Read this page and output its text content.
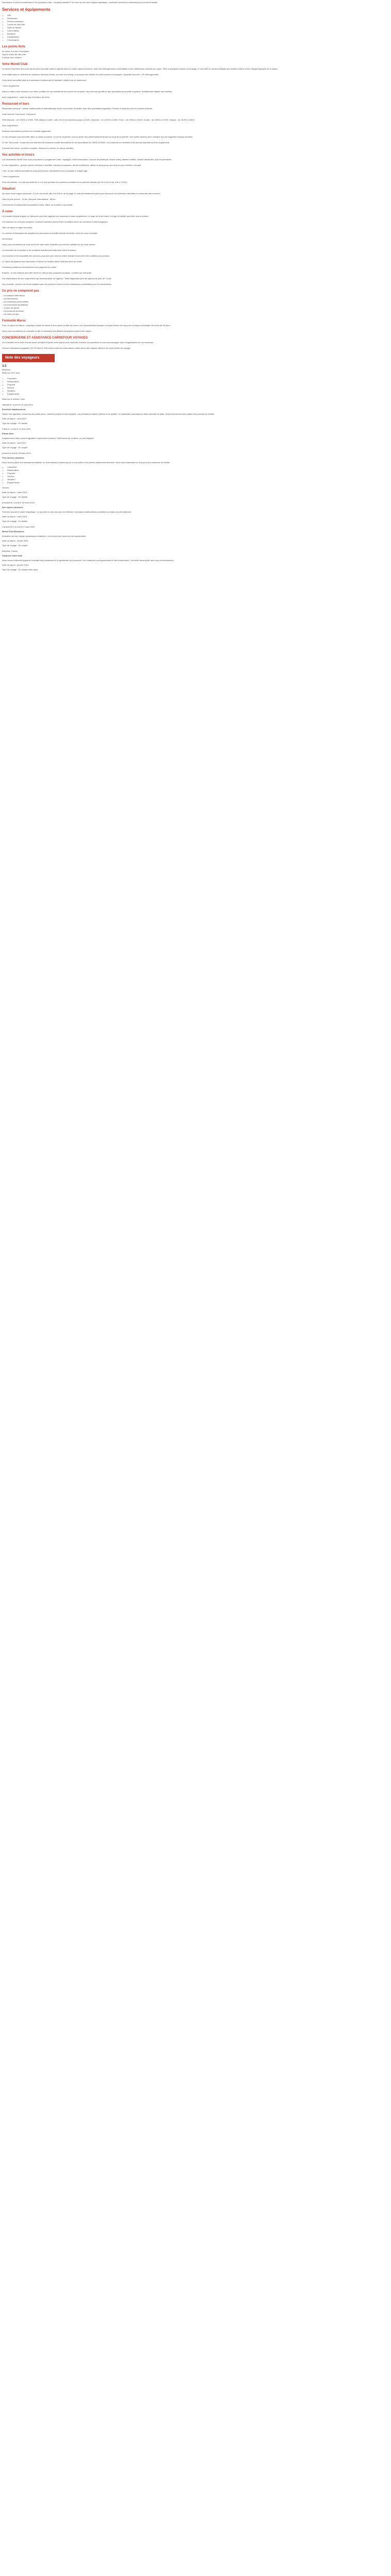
Description à venir prochainement ! En quelques mots : Camping familial 3* en bord de mer avec espace aquatique, nombreux services et animations pour toute la famille.

Services et équipements
• Wifi
• Restaurant
• Piscine extérieure
• Centre de bien-être
• Salle de fitness
• Club enfants
• Boutique
• Climatisation
• Conciergerie
Les points forts

Au cœur d'un lieu d'exception

Spa et centre de bien-être

Formule tout compris

Votre Mondi Club

Le Mondi Club Nord-Est a été pensé pour accueillir petits et grands dans un cadre naturel préservé, avec des hébergements confortables et de nombreuses activités sur place. Situé à quelques minutes de la plage, le club offre un accès privilégié aux sentiers côtiers et aux villages typiques de la région.

Il est établi dans un domaine de plusieurs hectares boisés, au bord d'un étang, et propose des chalets et mobil-homes tout équipés. Capacité d'accueil : 120 hébergements.

Vous serez accueillis dans une ambiance chaleureuse et familiale, idéale pour se ressourcer.

* Avec supplément

Dans le cadre d'une semaine à la vidéo, profitez de nos animations en journée et en soirée, des tournois sportifs et des spectacles pour petits et grands. Parfaitement adapté aux familles.

Avec supplément : soins au spa et location de vélos.

Restaurant et bars

Restaurant principal : cuisine traditionnelle et internationale servie sous forme de buffet, avec des spécialités régionales. Pensez à réserver pour les soirées à thème.

Votre formule "tout inclus" comprend :

Petit déjeuner : de 07h00 à 10h00. Petit déjeuner tardif : café, thé et viennoiseries jusqu'à 11h00. Déjeuner : de 12h30 à 14h00. Dîner : de 19h00 à 21h30. Goûter : de 16h00 à 17h00. Snacks : de 11h00 à 18h00.

Avec supplément :

Boissons alcoolisées premium et cocktails signatures.

Le bar principal vous accueille dans un cadre convivial. Le bar de la piscine vous propose des rafraîchissements tout au long de la journée. Une soirée animée avec musique live est organisée chaque semaine.

Le bar "tout inclus" comprend une sélection de boissons locales alcoolisées et non alcoolisées de 10h00 à 23h00. Les boissons en bouteille et les alcools importés sont en supplément.

Formule tout inclus : pension complète, boissons à volonté, en-cas et activités.

Vos activités et loisirs

Les animateurs Mondi Club vous proposent un programme varié : aquagym, réveil musculaire, tournois de pétanque, beach-volley, ateliers créatifs, soirées dansantes, quiz et spectacles.

À votre disposition : grande piscine extérieure chauffée, transats et parasols, terrain multisports, tables de ping-pong, aire de jeux pour enfants, mini-golf.

L'été, le club enfants accueille les plus jeunes avec des ateliers et jeux adaptés à chaque âge.

* Avec supplément

Pour les enfants : un club accueille les 4 à 12 ans pendant les vacances scolaires et en période estivale (de 9h à 12h et de 14h à 17h30).

Situation

Au cœur d'une région préservée, à 2 km du centre-ville et à 500 m de la plage, le club est idéalement placé pour découvrir les richesses naturelles et culturelles des environs.

Gare la plus proche : 15 km. Aéroport international : 65 km.

Commerces et restaurants accessibles à pied. Office de tourisme à proximité.

À noter

Un transfert depuis la gare ou l'aéroport peut être organisé sur demande et avec supplément. Le linge de lit est fourni, le linge de toilette peut être loué sur place.

Les animaux ne sont pas acceptés. Certaines activités peuvent être modifiées selon les conditions météorologiques.

Taxe de séjour à régler sur place.

Le nombre d'hébergements adaptés aux personnes à mobilité réduite est limité, merci de nous consulter.

Information

Nous vous conseillons de vous munir de votre carte d'identité en cours de validité lors de votre arrivée.

La fermeture de la piscine et de certaines activités peut intervenir selon la saison.

Les horaires et les modalités des services proposés sont donnés à titre indicatif et peuvent être modifiés sans préavis.

Le dépôt de garantie sera demandé à l'arrivée et restitué après l'état des lieux de sortie.

Certaines prestations mentionnées sont payantes sur place.

Enfants : le club enfants peut être fermé en dehors des vacances scolaires. Lit bébé sur demande.

Les réservations se font uniquement par l'intermédiaire de l'agence. Tarifs dégressifs pour les séjours de plus de 7 nuits.

Nos conseils : prévoir une tenue adaptée pour les soirées à thème et des chaussures confortables pour les randonnées.

Ce prix ne comprend pas

- Le transport aller/retour

- Les assurances

- Les dépenses personnelles

- Les excursions facultatives

- La taxe de séjour

- Les boissons premium

- Les soins au spa

Formalité Maroc

Pour un séjour au Maroc : passeport valide au moins 6 mois après la date de retour. Les ressortissants français n'ont pas besoin de visa pour un séjour touristique de moins de 90 jours.

Nous vous conseillons de consulter le site du ministère des Affaires étrangères avant votre départ.

CONCIERGERIE ET ASSISTANCE CARREFOUR VOYAGES

Un conseiller est à votre écoute avant, pendant et après votre séjour pour répondre à toutes vos questions et vous accompagner dans l'organisation de vos vacances.

Service d'assistance joignable 7j/7 et 24h/24. Retrouvez toutes les informations utiles dans votre espace client et sur votre carnet de voyage.

Note des voyageurs

3.5

Moyenne

Basé sur 1147 avis

• Chambres
• Restauration
• Propreté
• Service
• Situation
• Équipements

Basé sur 6 critères / avis

Nathalie B. a écrit le 20 avril 2024

Excellent établissement

Séjour très agréable, personnel aux petits soins, chambre propre et bien équipée. Les animations étaient variées et de qualité. Le restaurant proposait une belle diversité de plats. Nous reviendrons avec plaisir l'an prochain en famille.

Date du séjour : avril 2024

Type de voyage : En famille

Fabio B. a écrit le 12 avril 2024

Points forts

Emplacement idéal, piscine agréable et personnel souriant. Petit bémol sur la literie, un peu fatiguée.

Date du séjour : avril 2024

Type de voyage : En couple

yonacm a écrit le 28 mars 2024

Très bonnes vacances

Nous avons passé une semaine formidable. Le club enfants a beaucoup plu à nos petits et les soirées étaient très animées. Nous recommandons ce club pour des vacances en famille.

• Chambres
• Restauration
• Propreté
• Service
• Situation
• Équipements

Service

Date du séjour : mars 2024

Type de voyage : En famille

Anouska M. a écrit le 16 mars 2024

Des supers vacances

Très bon accueil et cadre magnifique. Le spa est un vrai plus pour se détendre. Quelques améliorations possibles au niveau du petit déjeuner.

Date du séjour : mars 2024

Type de voyage : En famille

Caroline1970 a écrit le 2 mars 2024

Mondi Club Résidence

Animation au top, équipe dynamique et attentive. La formule tout inclus est très appréciable.

Date du séjour : février 2024

Type de voyage : En couple

Marysha, France

Vacances entre amis

Nous avons fortement apprécié la qualité des prestations et la gentillesse du personnel. Les chambres sont spacieuses et bien entretenues. Une belle découverte que nous recommandons.

Date du séjour : janvier 2024

Type de voyage : En couple entre amis
